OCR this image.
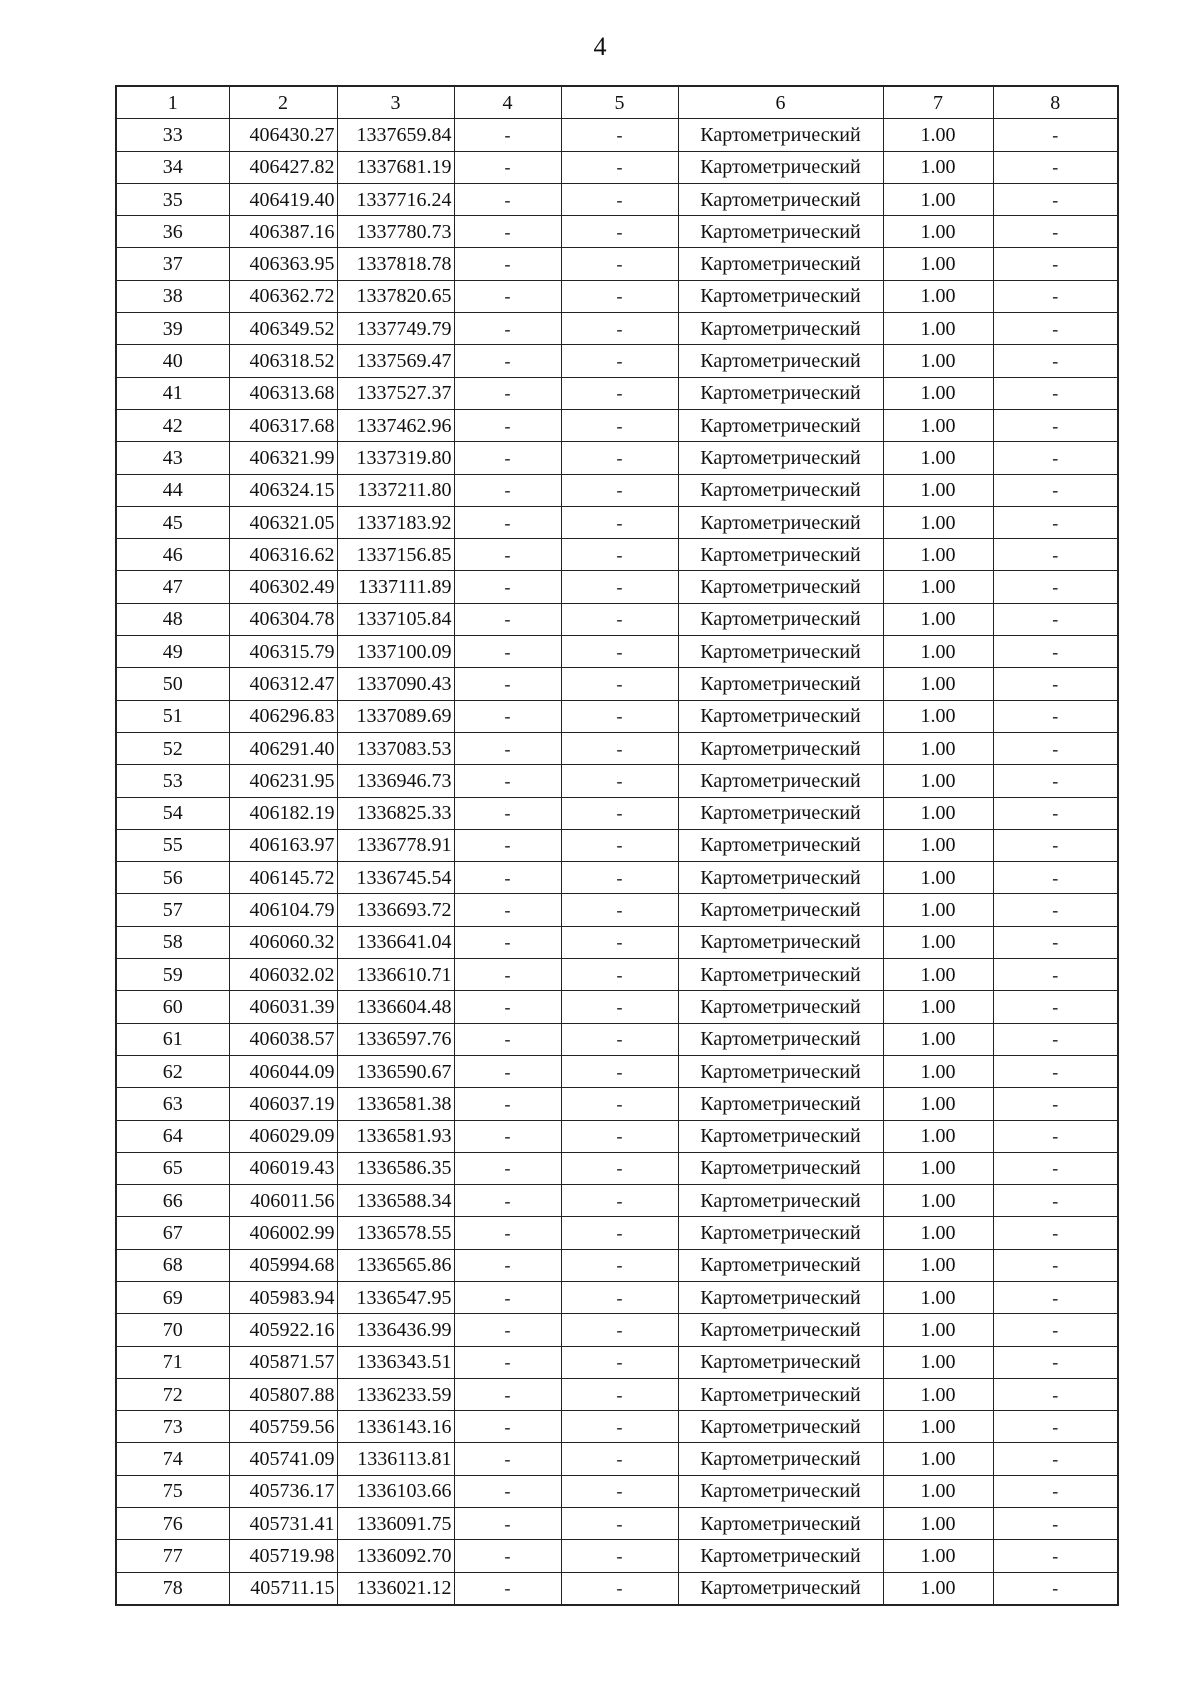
4
1	2	3	4	5	6	7	8
33	406430.27	1337659.84	-	-	Картометрический	1.00	-
34	406427.82	1337681.19	-	-	Картометрический	1.00	-
35	406419.40	1337716.24	-	-	Картометрический	1.00	-
36	406387.16	1337780.73	-	-	Картометрический	1.00	-
37	406363.95	1337818.78	-	-	Картометрический	1.00	-
38	406362.72	1337820.65	-	-	Картометрический	1.00	-
39	406349.52	1337749.79	-	-	Картометрический	1.00	-
40	406318.52	1337569.47	-	-	Картометрический	1.00	-
41	406313.68	1337527.37	-	-	Картометрический	1.00	-
42	406317.68	1337462.96	-	-	Картометрический	1.00	-
43	406321.99	1337319.80	-	-	Картометрический	1.00	-
44	406324.15	1337211.80	-	-	Картометрический	1.00	-
45	406321.05	1337183.92	-	-	Картометрический	1.00	-
46	406316.62	1337156.85	-	-	Картометрический	1.00	-
47	406302.49	1337111.89	-	-	Картометрический	1.00	-
48	406304.78	1337105.84	-	-	Картометрический	1.00	-
49	406315.79	1337100.09	-	-	Картометрический	1.00	-
50	406312.47	1337090.43	-	-	Картометрический	1.00	-
51	406296.83	1337089.69	-	-	Картометрический	1.00	-
52	406291.40	1337083.53	-	-	Картометрический	1.00	-
53	406231.95	1336946.73	-	-	Картометрический	1.00	-
54	406182.19	1336825.33	-	-	Картометрический	1.00	-
55	406163.97	1336778.91	-	-	Картометрический	1.00	-
56	406145.72	1336745.54	-	-	Картометрический	1.00	-
57	406104.79	1336693.72	-	-	Картометрический	1.00	-
58	406060.32	1336641.04	-	-	Картометрический	1.00	-
59	406032.02	1336610.71	-	-	Картометрический	1.00	-
60	406031.39	1336604.48	-	-	Картометрический	1.00	-
61	406038.57	1336597.76	-	-	Картометрический	1.00	-
62	406044.09	1336590.67	-	-	Картометрический	1.00	-
63	406037.19	1336581.38	-	-	Картометрический	1.00	-
64	406029.09	1336581.93	-	-	Картометрический	1.00	-
65	406019.43	1336586.35	-	-	Картометрический	1.00	-
66	406011.56	1336588.34	-	-	Картометрический	1.00	-
67	406002.99	1336578.55	-	-	Картометрический	1.00	-
68	405994.68	1336565.86	-	-	Картометрический	1.00	-
69	405983.94	1336547.95	-	-	Картометрический	1.00	-
70	405922.16	1336436.99	-	-	Картометрический	1.00	-
71	405871.57	1336343.51	-	-	Картометрический	1.00	-
72	405807.88	1336233.59	-	-	Картометрический	1.00	-
73	405759.56	1336143.16	-	-	Картометрический	1.00	-
74	405741.09	1336113.81	-	-	Картометрический	1.00	-
75	405736.17	1336103.66	-	-	Картометрический	1.00	-
76	405731.41	1336091.75	-	-	Картометрический	1.00	-
77	405719.98	1336092.70	-	-	Картометрический	1.00	-
78	405711.15	1336021.12	-	-	Картометрический	1.00	-
